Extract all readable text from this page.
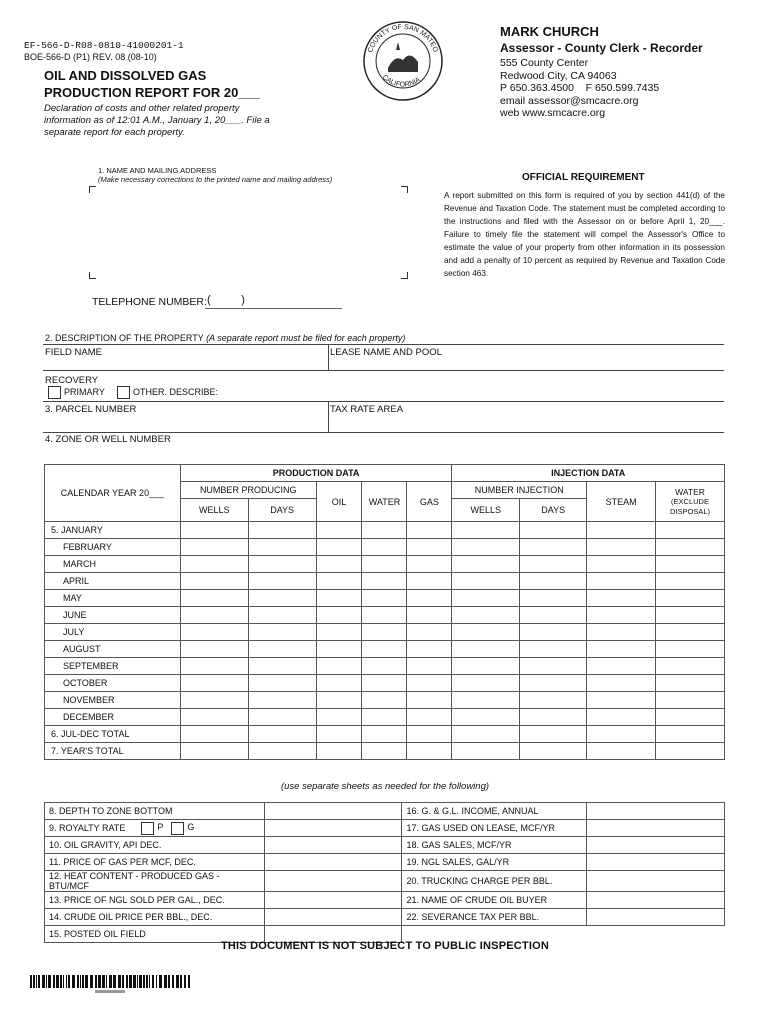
EF-566-D-R08-0810-41000201-1
BOE-566-D (P1) REV. 08 (08-10)
OIL AND DISSOLVED GAS
PRODUCTION REPORT FOR 20___
Declaration of costs and other related property information as of 12:01 A.M., January 1, 20___. File a separate report for each property.
COUNTY OF SAN MATEO
CALIFORNIA
MARK CHURCH
Assessor - County Clerk - Recorder
555 County Center
Redwood City, CA 94063
P 650.363.4500    F 650.599.7435
email assessor@smcacre.org
web www.smcacre.org
1. NAME AND MAILING ADDRESS
(Make necessary corrections to the printed name and mailing address)
TELEPHONE NUMBER: (          )
OFFICIAL REQUIREMENT
A report submitted on this form is required of you by section 441(d) of the Revenue and Taxation Code. The statement must be completed according to the instructions and filed with the Assessor on or before April 1, 20___. Failure to timely file the statement will compel the Assessor's Office to estimate the value of your property from other information in its possession and add a penalty of 10 percent as required by Revenue and Taxation Code section 463.
2. DESCRIPTION OF THE PROPERTY (A separate report must be filed for each property)
FIELD NAME	LEASE NAME AND POOL
RECOVERY
PRIMARY	OTHER. DESCRIBE:
3. PARCEL NUMBER	TAX RATE AREA
4. ZONE OR WELL NUMBER
CALENDAR YEAR 20___	PRODUCTION DATA					INJECTION DATA			
	NUMBER PRODUCING		OIL	WATER	GAS	NUMBER INJECTION		STEAM	WATER
(EXCLUDE
DISPOSAL)

	WELLS	DAYS				WELLS	DAYS		
5. JANUARY									
FEBRUARY									
MARCH									
APRIL									
MAY									
JUNE									
JULY									
AUGUST									
SEPTEMBER									
OCTOBER									
NOVEMBER									
DECEMBER									
6. JUL-DEC TOTAL									
7. YEAR'S TOTAL									
(use separate sheets as needed for the following)
8. DEPTH TO ZONE BOTTOM		16. G. & G.L. INCOME, ANNUAL	
9. ROYALTY RATE P G		17. GAS USED ON LEASE, MCF/YR	
10. OIL GRAVITY, API DEC.		18. GAS SALES, MCF/YR	
11. PRICE OF GAS PER MCF, DEC.		19. NGL SALES, GAL/YR	
12. HEAT CONTENT - PRODUCED GAS - BTU/MCF		20. TRUCKING CHARGE PER BBL.	
13. PRICE OF NGL SOLD PER GAL., DEC.		21. NAME OF CRUDE OIL BUYER	
14. CRUDE OIL PRICE PER BBL., DEC.		22. SEVERANCE TAX PER BBL.	
15. POSTED OIL FIELD			
THIS DOCUMENT IS NOT SUBJECT TO PUBLIC INSPECTION
